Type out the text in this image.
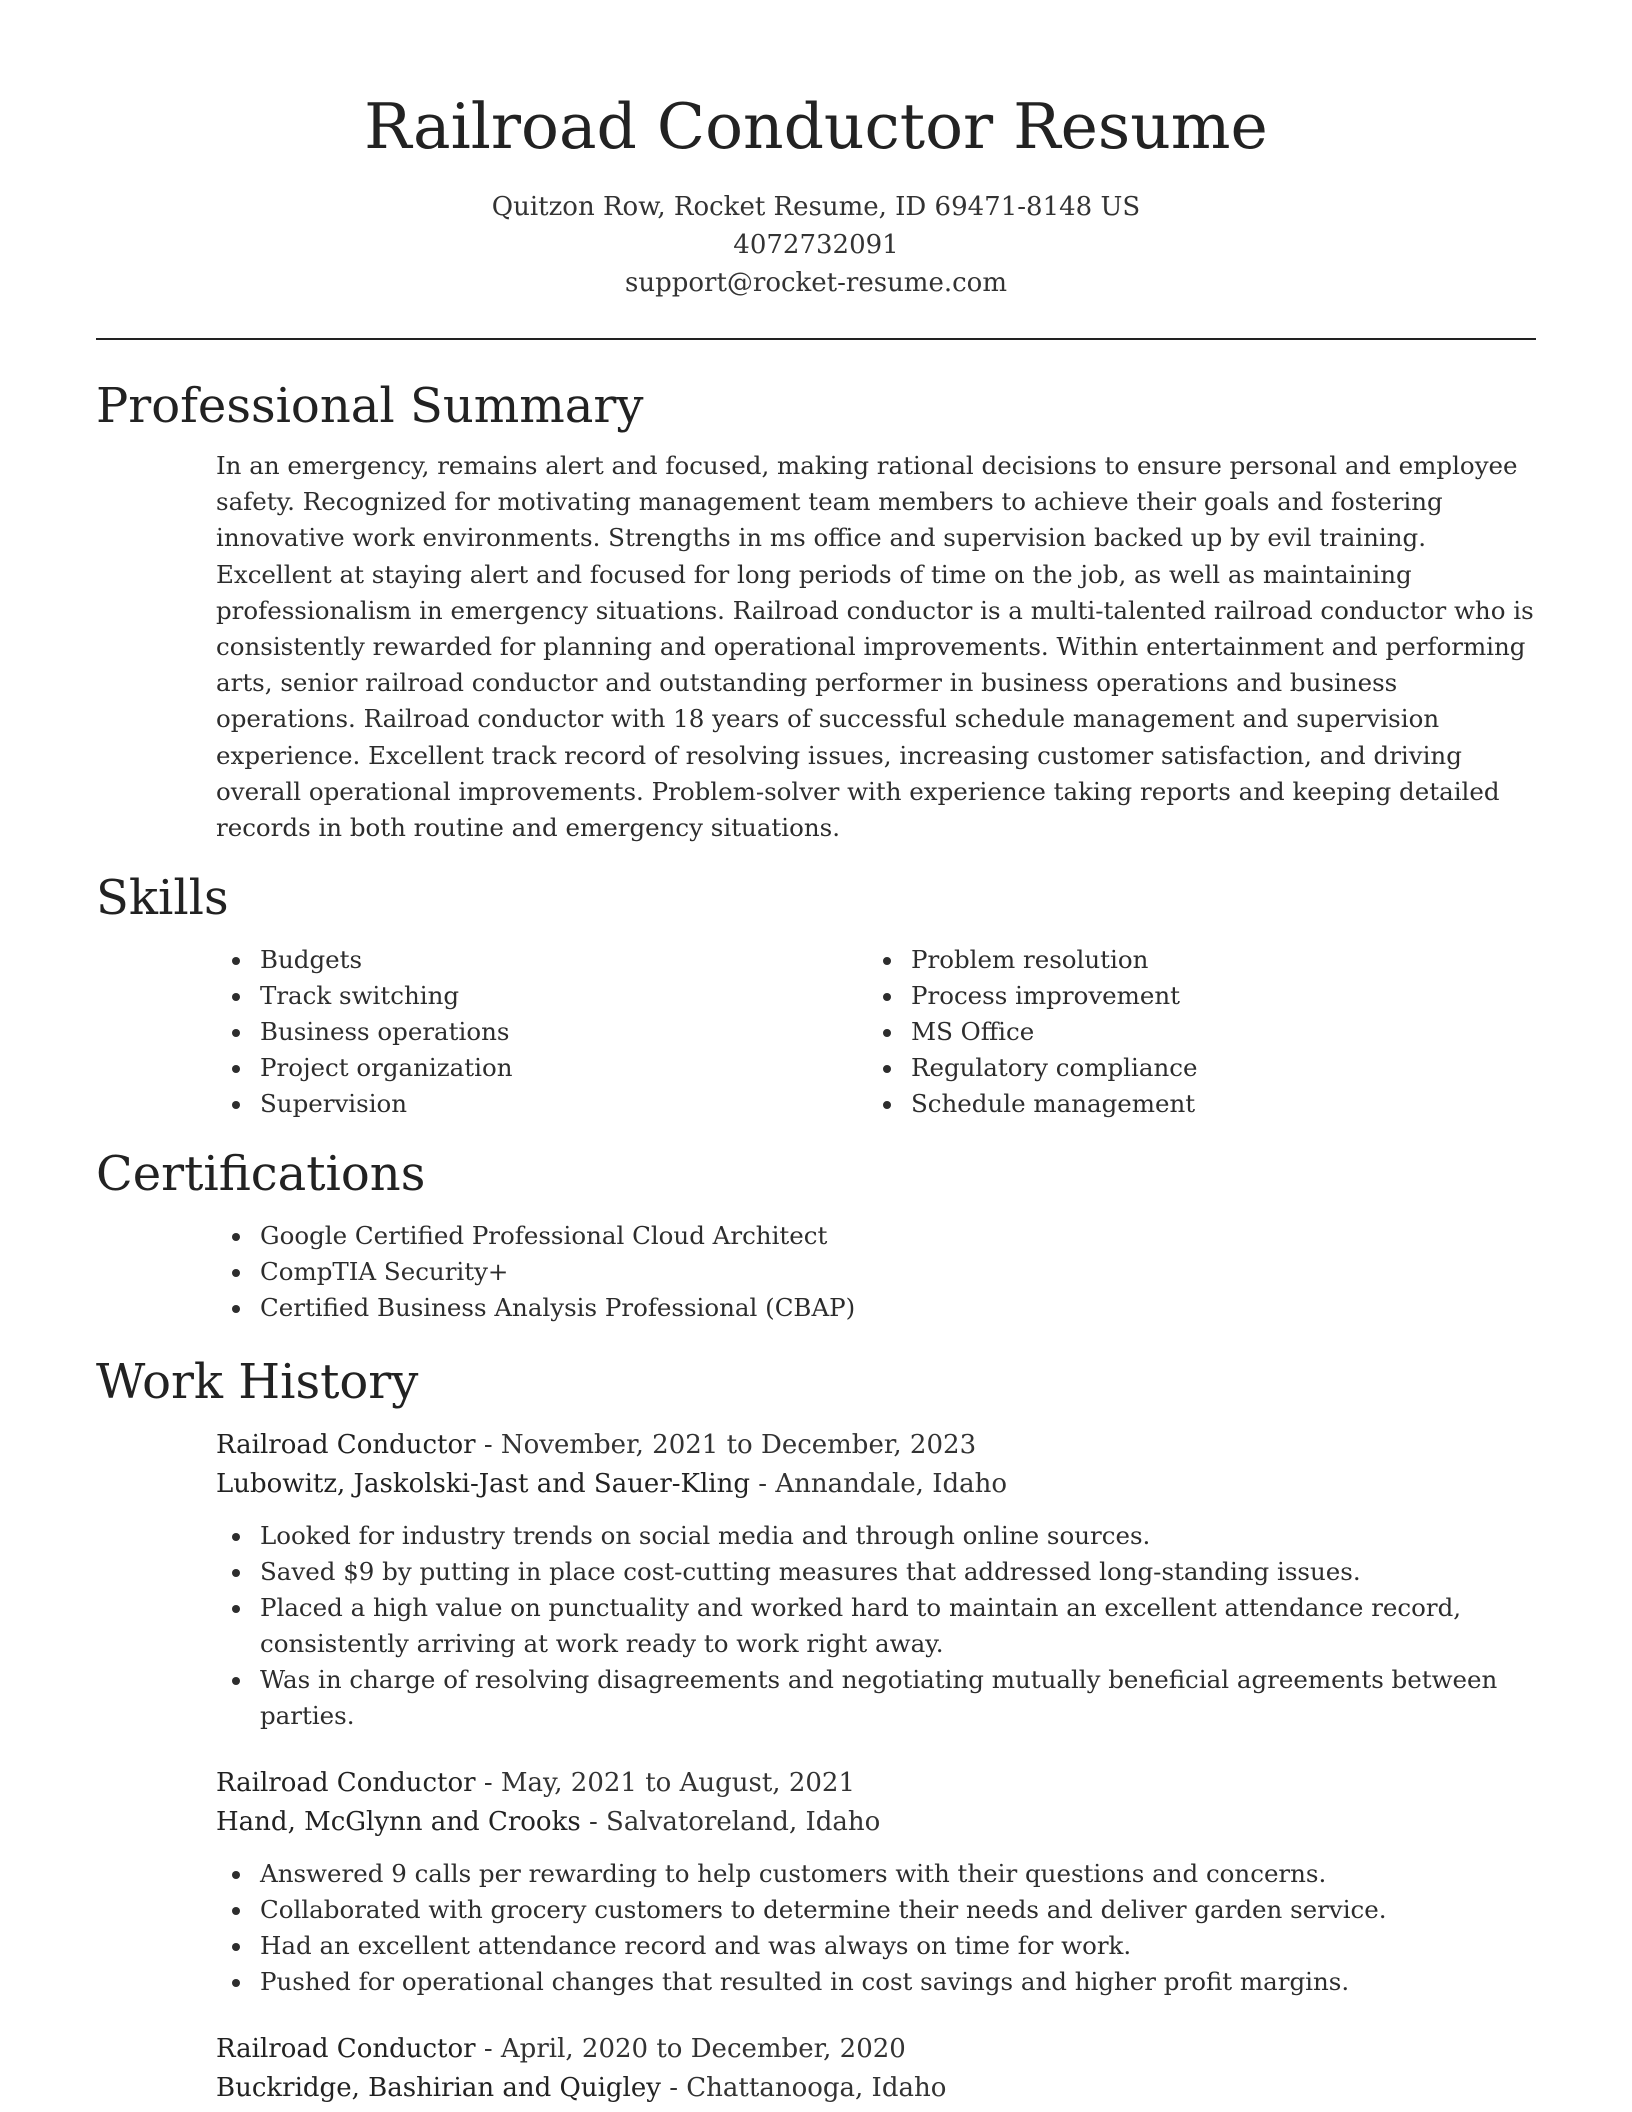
Railroad Conductor Resume
Quitzon Row, Rocket Resume, ID 69471-8148 US
4072732091
support@rocket-resume.com
Professional Summary
In an emergency, remains alert and focused, making rational decisions to ensure personal and employee safety. Recognized for motivating management team members to achieve their goals and fostering innovative work environments. Strengths in ms office and supervision backed up by evil training. Excellent at staying alert and focused for long periods of time on the job, as well as maintaining professionalism in emergency situations. Railroad conductor is a multi-talented railroad conductor who is consistently rewarded for planning and operational improvements. Within entertainment and performing arts, senior railroad conductor and outstanding performer in business operations and business operations. Railroad conductor with 18 years of successful schedule management and supervision experience. Excellent track record of resolving issues, increasing customer satisfaction, and driving overall operational improvements. Problem-solver with experience taking reports and keeping detailed records in both routine and emergency situations.
Skills
Budgets
Track switching
Business operations
Project organization
Supervision
Problem resolution
Process improvement
MS Office
Regulatory compliance
Schedule management
Certifications
Google Certified Professional Cloud Architect
CompTIA Security+
Certified Business Analysis Professional (CBAP)
Work History
Railroad Conductor - November, 2021 to December, 2023
Lubowitz, Jaskolski-Jast and Sauer-Kling - Annandale, Idaho
Looked for industry trends on social media and through online sources.
Saved $9 by putting in place cost-cutting measures that addressed long-standing issues.
Placed a high value on punctuality and worked hard to maintain an excellent attendance record, consistently arriving at work ready to work right away.
Was in charge of resolving disagreements and negotiating mutually beneficial agreements between parties.
Railroad Conductor - May, 2021 to August, 2021
Hand, McGlynn and Crooks - Salvatoreland, Idaho
Answered 9 calls per rewarding to help customers with their questions and concerns.
Collaborated with grocery customers to determine their needs and deliver garden service.
Had an excellent attendance record and was always on time for work.
Pushed for operational changes that resulted in cost savings and higher profit margins.
Railroad Conductor - April, 2020 to December, 2020
Buckridge, Bashirian and Quigley - Chattanooga, Idaho
